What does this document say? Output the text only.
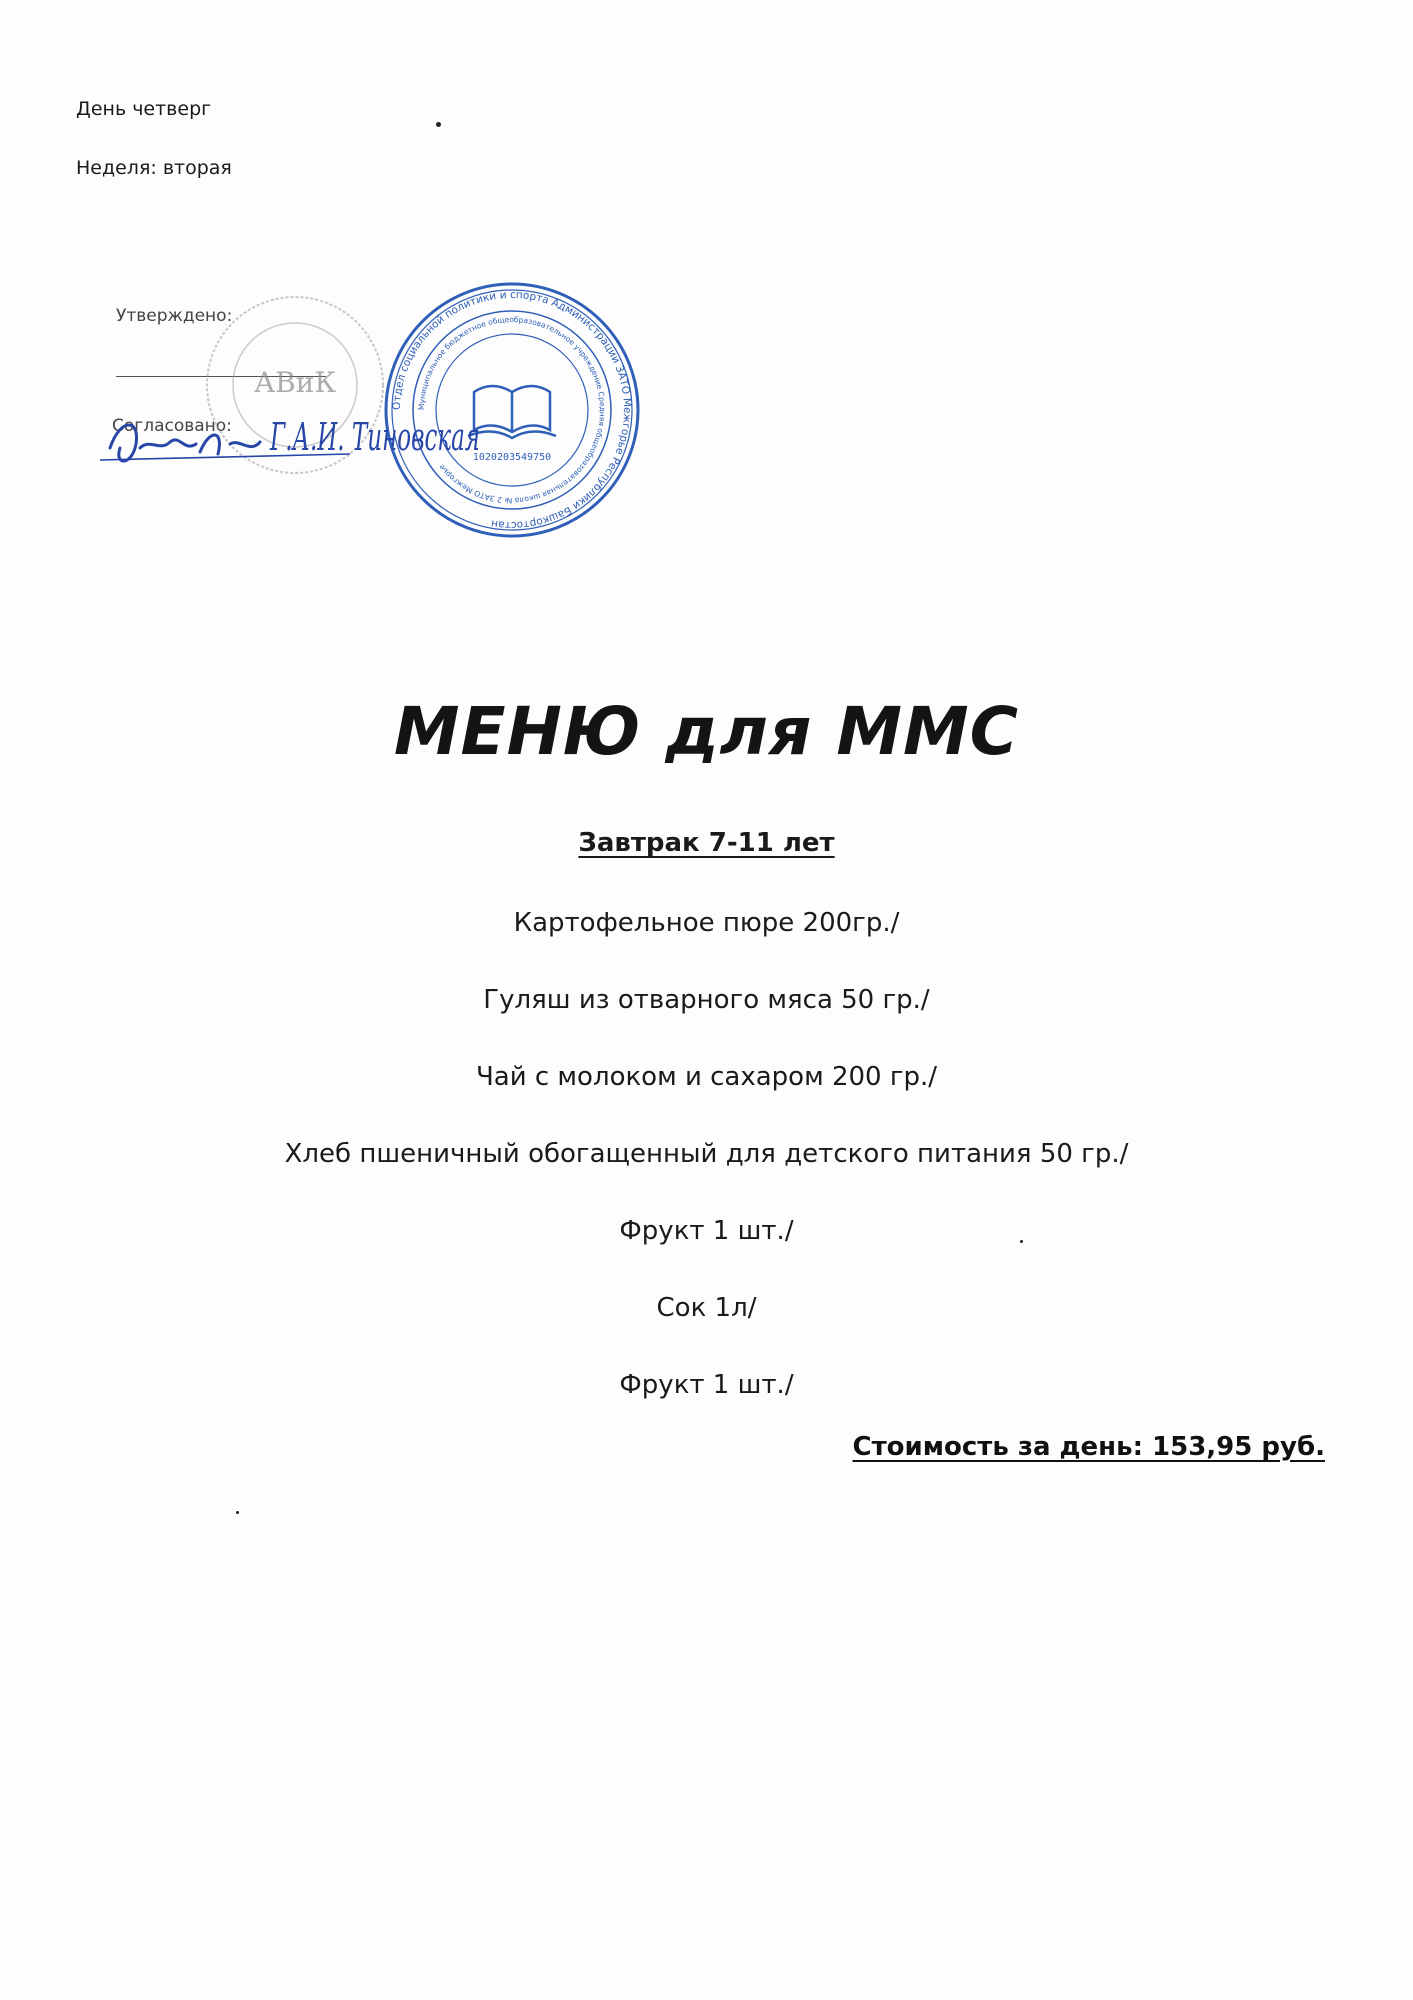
День четверг
Неделя: вторая
Утверждено:
Согласовано:
АВиК
Отдел социальной политики и спорта Администрации ЗАТО Межгорье Республики Башкортостан
Муниципальное бюджетное общеобразовательное учреждение Средняя общеобразовательная школа № 2 ЗАТО Межгорье
1020203549750
Г.А.И. Тиновская
МЕНЮ для ММС
Завтрак 7-11 лет
Картофельное пюре 200гр./
Гуляш из отварного мяса 50 гр./
Чай с молоком и сахаром 200 гр./
Хлеб пшеничный обогащенный для детского питания 50 гр./
Фрукт 1 шт./
Сок 1л/
Фрукт 1 шт./
Стоимость за день: 153,95 руб.
